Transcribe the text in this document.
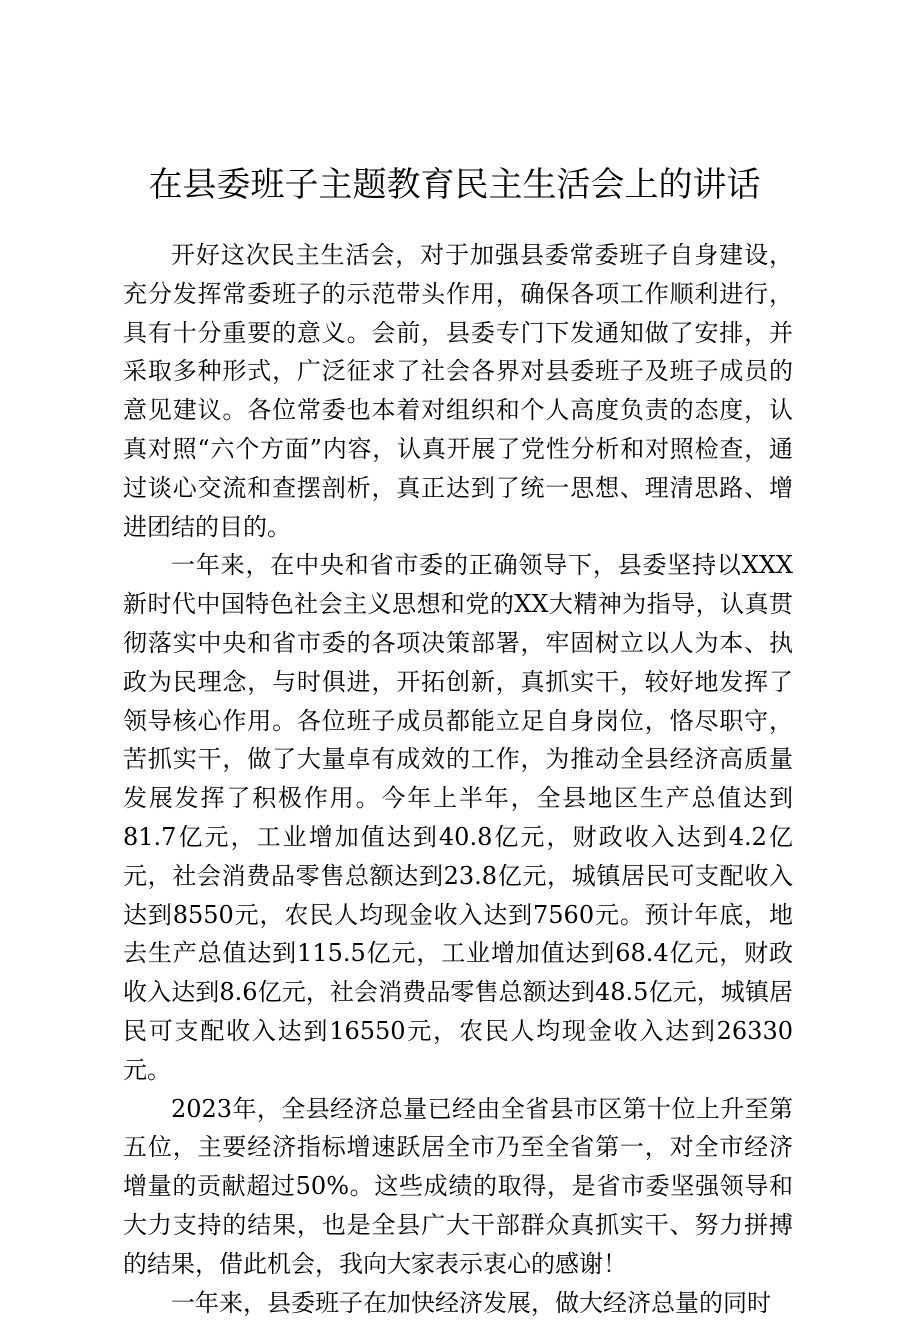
在县委班子主题教育民主生活会上的讲话

开好这次民主生活会，对于加强县委常委班子自身建设，充分发挥常委班子的示范带头作用，确保各项工作顺利进行，具有十分重要的意义。会前，县委专门下发通知做了安排，并采取多种形式，广泛征求了社会各界对县委班子及班子成员的意见建议。各位常委也本着对组织和个人高度负责的态度，认真对照“六个方面”内容，认真开展了党性分析和对照检查，通过谈心交流和查摆剖析，真正达到了统一思想、理清思路、增进团结的目的。

一年来，在中央和省市委的正确领导下，县委坚持以XXX新时代中国特色社会主义思想和党的XX大精神为指导，认真贯彻落实中央和省市委的各项决策部署，牢固树立以人为本、执政为民理念，与时俱进，开拓创新，真抓实干，较好地发挥了领导核心作用。各位班子成员都能立足自身岗位，恪尽职守，苦抓实干，做了大量卓有成效的工作，为推动全县经济高质量发展发挥了积极作用。今年上半年，全县地区生产总值达到81.7亿元，工业增加值达到40.8亿元，财政收入达到4.2亿元，社会消费品零售总额达到23.8亿元，城镇居民可支配收入达到8550元，农民人均现金收入达到7560元。预计年底，地去生产总值达到115.5亿元，工业增加值达到68.4亿元，财政收入达到8.6亿元，社会消费品零售总额达到48.5亿元，城镇居民可支配收入达到16550元，农民人均现金收入达到26330元。

2023年，全县经济总量已经由全省县市区第十位上升至第五位，主要经济指标增速跃居全市乃至全省第一，对全市经济增量的贡献超过50%。这些成绩的取得，是省市委坚强领导和大力支持的结果，也是全县广大干部群众真抓实干、努力拼搏的结果，借此机会，我向大家表示衷心的感谢！

一年来，县委班子在加快经济发展，做大经济总量的同时
